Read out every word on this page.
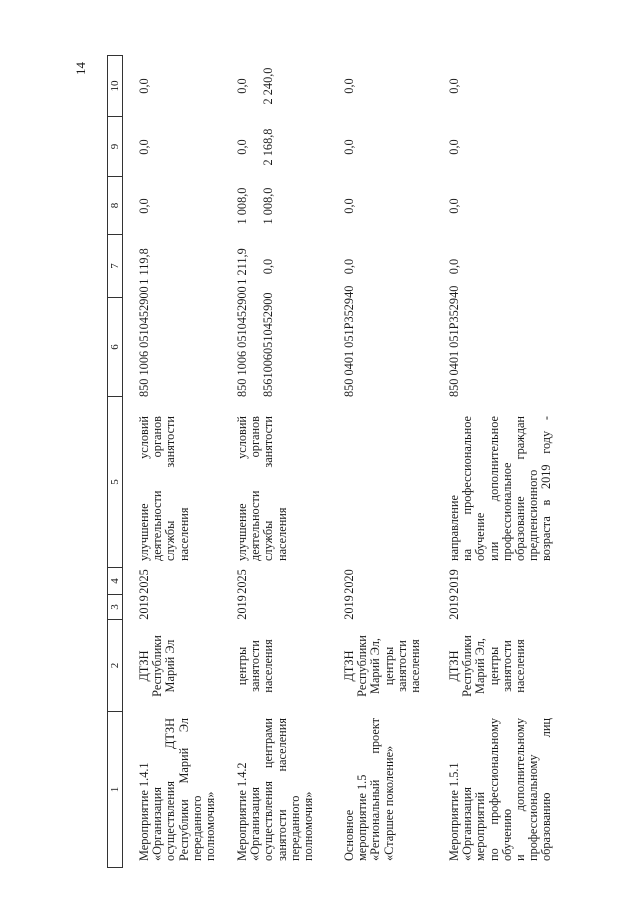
14
1
2
3
4
5
6
7
8
9
10
Мероприятие 1.4.1 «Организация осуществления ДТЗН Республики Марий Эл переданного полномочия»
ДТЗН Республики Марий Эл
2019
2025
улучшение условий деятельности органов службы занятости населения
850 1006 0510452900
1 119,8
0,0
0,0
0,0
Мероприятие 1.4.2 «Организация осуществления центрами занятости населения переданного полномочия»
центры занятости населения
2019
2025
улучшение условий деятельности органов службы занятости населения
850 1006 0510452900 85610060510452900
1 211,9 0,0
1 008,0 1 008,0
0,0 2 168,8
0,0 2 240,0
Основное мероприятие 1.5 «Региональный проект «Старшее поколение»
ДТЗН Республики Марий Эл, центры занятости населения
2019
2020
850 0401 051P352940
0,0
0,0
0,0
0,0
Мероприятие 1.5.1 «Организация мероприятий по профессиональному обучению и дополнительному профессиональному образованию лиц
ДТЗН Республики Марий Эл, центры занятости населения
2019
2019
направление на профессиональное обучение или дополнительное профессиональное образование граждан предпенсионного возраста в 2019 году -
850 0401 051P352940
0,0
0,0
0,0
0,0
